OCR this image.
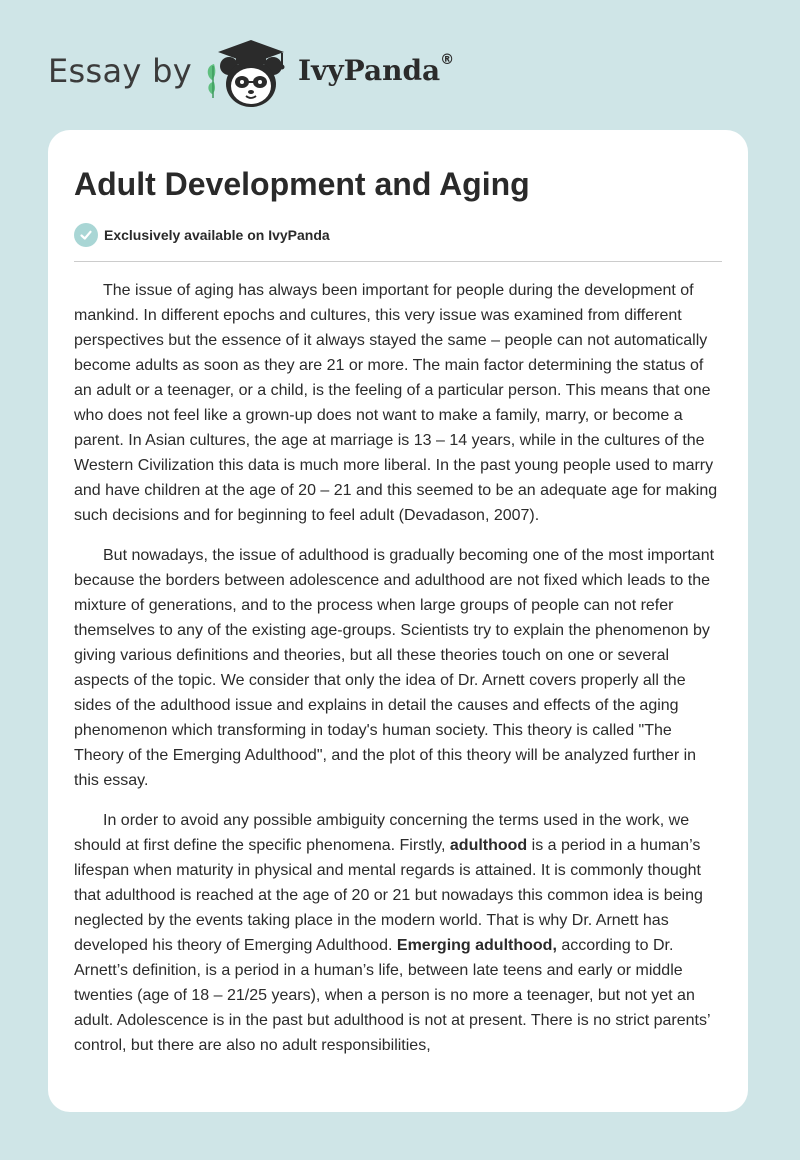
Essay by	IvyPanda®
Adult Development and Aging
Exclusively available on IvyPanda

The issue of aging has always been important for people during the development of mankind. In different epochs and cultures, this very issue was examined from different perspectives but the essence of it always stayed the same – people can not automatically become adults as soon as they are 21 or more. The main factor determining the status of an adult or a teenager, or a child, is the feeling of a particular person. This means that one who does not feel like a grown-up does not want to make a family, marry, or become a parent. In Asian cultures, the age at marriage is 13 – 14 years, while in the cultures of the Western Civilization this data is much more liberal. In the past young people used to marry and have children at the age of 20 – 21 and this seemed to be an adequate age for making such decisions and for beginning to feel adult (Devadason, 2007).

But nowadays, the issue of adulthood is gradually becoming one of the most important because the borders between adolescence and adulthood are not fixed which leads to the mixture of generations, and to the process when large groups of people can not refer themselves to any of the existing age-groups. Scientists try to explain the phenomenon by giving various definitions and theories, but all these theories touch on one or several aspects of the topic. We consider that only the idea of Dr. Arnett covers properly all the sides of the adulthood issue and explains in detail the causes and effects of the aging phenomenon which transforming in today's human society. This theory is called "The Theory of the Emerging Adulthood", and the plot of this theory will be analyzed further in this essay.

In order to avoid any possible ambiguity concerning the terms used in the work, we should at first define the specific phenomena. Firstly, adulthood is a period in a human’s lifespan when maturity in physical and mental regards is attained. It is commonly thought that adulthood is reached at the age of 20 or 21 but nowadays this common idea is being neglected by the events taking place in the modern world. That is why Dr. Arnett has developed his theory of Emerging Adulthood. Emerging adulthood, according to Dr. Arnett’s definition, is a period in a human’s life, between late teens and early or middle twenties (age of 18 – 21/25 years), when a person is no more a teenager, but not yet an adult. Adolescence is in the past but adulthood is not at present. There is no strict parents’ control, but there are also no adult responsibilities,
